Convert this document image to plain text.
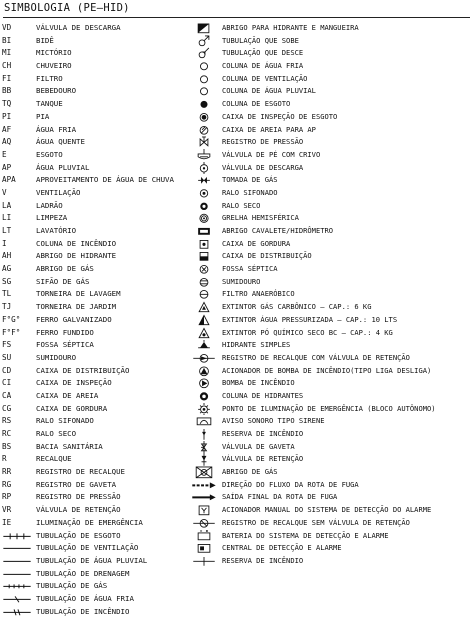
SIMBOLOGIA (PE–HID)
VD	VÁLVULA DE DESCARGA
BI	BIDÊ
MI	MICTÓRIO
CH	CHUVEIRO
FI	FILTRO
BB	BEBEDOURO
TQ	TANQUE
PI	PIA
AF	ÁGUA FRIA
AQ	ÁGUA QUENTE
E	ESGOTO
AP	ÁGUA PLUVIAL
APA	APROVEITAMENTO DE ÁGUA DE CHUVA
V	VENTILAÇÃO
LA	LADRÃO
LI	LIMPEZA
LT	LAVATÓRIO
I	COLUNA DE INCÊNDIO
AH	ABRIGO DE HIDRANTE
AG	ABRIGO DE GÁS
SG	SIFÃO DE GÁS
TL	TORNEIRA DE LAVAGEM
TJ	TORNEIRA DE JARDIM
F°G°	FERRO GALVANIZADO
F°F°	FERRO FUNDIDO
FS	FOSSA SÉPTICA
SU	SUMIDOURO
CD	CAIXA DE DISTRIBUIÇÃO
CI	CAIXA DE INSPEÇÃO
CA	CAIXA DE AREIA
CG	CAIXA DE GORDURA
RS	RALO SIFONADO
RC	RALO SECO
BS	BACIA SANITÁRIA
R	RECALQUE
RR	REGISTRO DE RECALQUE
RG	REGISTRO DE GAVETA
RP	REGISTRO DE PRESSÃO
VR	VÁLVULA DE RETENÇÃO
IE	ILUMINAÇÃO DE EMERGÊNCIA
TUBULAÇÃO DE ESGOTO
TUBULAÇÃO DE VENTILAÇÃO
TUBULAÇÃO DE ÁGUA PLUVIAL
TUBULAÇÃO DE DRENAGEM
TUBULAÇÃO DE GÁS
TUBULAÇÃO DE ÁGUA FRIA
TUBULAÇÃO DE INCÊNDIO
ABRIGO PARA HIDRANTE E MANGUEIRA
TUBULAÇÃO QUE SOBE
TUBULAÇÃO QUE DESCE
COLUNA DE ÁGUA FRIA
COLUNA DE VENTILAÇÃO
COLUNA DE ÁGUA PLUVIAL
COLUNA DE ESGOTO
CAIXA DE INSPEÇÃO DE ESGOTO
CAIXA DE AREIA PARA AP
REGISTRO DE PRESSÃO
VÁLVULA DE PÉ COM CRIVO
VÁLVULA DE DESCARGA
TOMADA DE GÁS
RALO SIFONADO
RALO SECO
GRELHA HEMISFÉRICA
ABRIGO CAVALETE/HIDRÔMETRO
CAIXA DE GORDURA
CAIXA DE DISTRIBUIÇÃO
FOSSA SÉPTICA
SUMIDOURO
FILTRO ANAERÓBICO
EXTINTOR GÁS CARBÔNICO – CAP.: 6 KG
EXTINTOR ÁGUA PRESSURIZADA – CAP.: 10 LTS
EXTINTOR PÓ QUÍMICO SECO BC – CAP.: 4 KG
HIDRANTE SIMPLES
REGISTRO DE RECALQUE COM VÁLVULA DE RETENÇÃO
ACIONADOR DE BOMBA DE INCÊNDIO(TIPO LIGA DESLIGA)
BOMBA DE INCÊNDIO
COLUNA DE HIDRANTES
PONTO DE ILUMINAÇÃO DE EMERGÊNCIA (BLOCO AUTÔNOMO)
AVISO SONORO TIPO SIRENE
RESERVA DE INCÊNDIO
VÁLVULA DE GAVETA
VÁLVULA DE RETENÇÃO
ABRIGO DE GÁS
DIREÇÃO DO FLUXO DA ROTA DE FUGA
SAÍDA FINAL DA ROTA DE FUGA
ACIONADOR MANUAL DO SISTEMA DE DETECÇÃO DO ALARME
REGISTRO DE RECALQUE SEM VÁLVULA DE RETENÇÃO
BATERIA DO SISTEMA DE DETECÇÃO E ALARME
CENTRAL DE DETECÇÃO E ALARME
RESERVA DE INCÊNDIO
